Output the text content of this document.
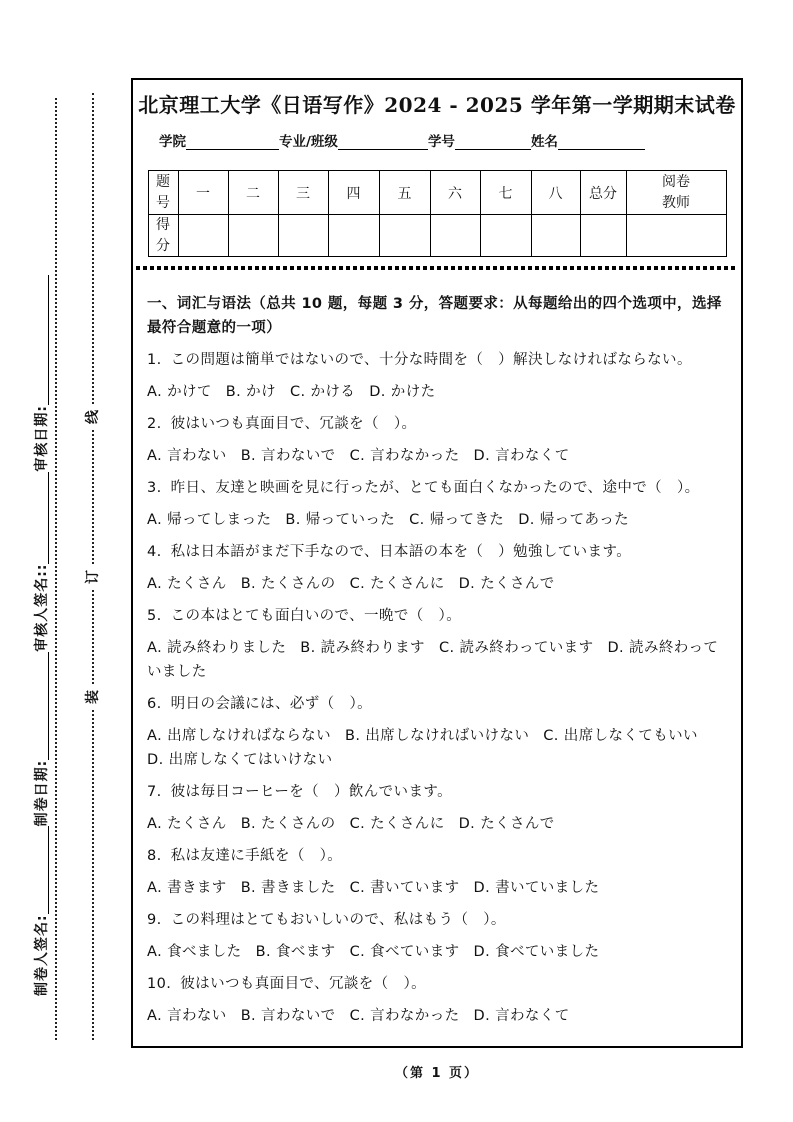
制卷人签名:
制卷日期:
审核人签名::
审核日期:	线
订
装
北京理工大学《日语写作》2024 - 2025 学年第一学期期末试卷
学院	专业/班级	学号	姓名
题号	一	二	三	四	五	六	七	八	总分	阅卷教师
得分										
一、词汇与语法（总共 10 题，每题 3 分，答题要求：从每题给出的四个选项中，选择最符合题意的一项）
1. この問題は簡単ではないので、十分な時間を（　）解決しなければならない。
A. かけて B. かけ C. かける D. かけた
2. 彼はいつも真面目で、冗談を（　）。
A. 言わない B. 言わないで C. 言わなかった D. 言わなくて
3. 昨日、友達と映画を見に行ったが、とても面白くなかったので、途中で（　）。
A. 帰ってしまった B. 帰っていった C. 帰ってきた D. 帰ってあった
4. 私は日本語がまだ下手なので、日本語の本を（　）勉強しています。
A. たくさん B. たくさんの C. たくさんに D. たくさんで
5. この本はとても面白いので、一晩で（　）。
A. 読み終わりました B. 読み終わります C. 読み終わっています D. 読み終わっていました
6. 明日の会議には、必ず（　）。
A. 出席しなければならない B. 出席しなければいけない C. 出席しなくてもいいD. 出席しなくてはいけない
7. 彼は毎日コーヒーを（　）飲んでいます。
A. たくさん B. たくさんの C. たくさんに D. たくさんで
8. 私は友達に手紙を（　）。
A. 書きます B. 書きました C. 書いています D. 書いていました
9. この料理はとてもおいしいので、私はもう（　）。
A. 食べました B. 食べます C. 食べています D. 食べていました
10. 彼はいつも真面目で、冗談を（　）。
A. 言わない B. 言わないで C. 言わなかった D. 言わなくて
（第 1 页）
